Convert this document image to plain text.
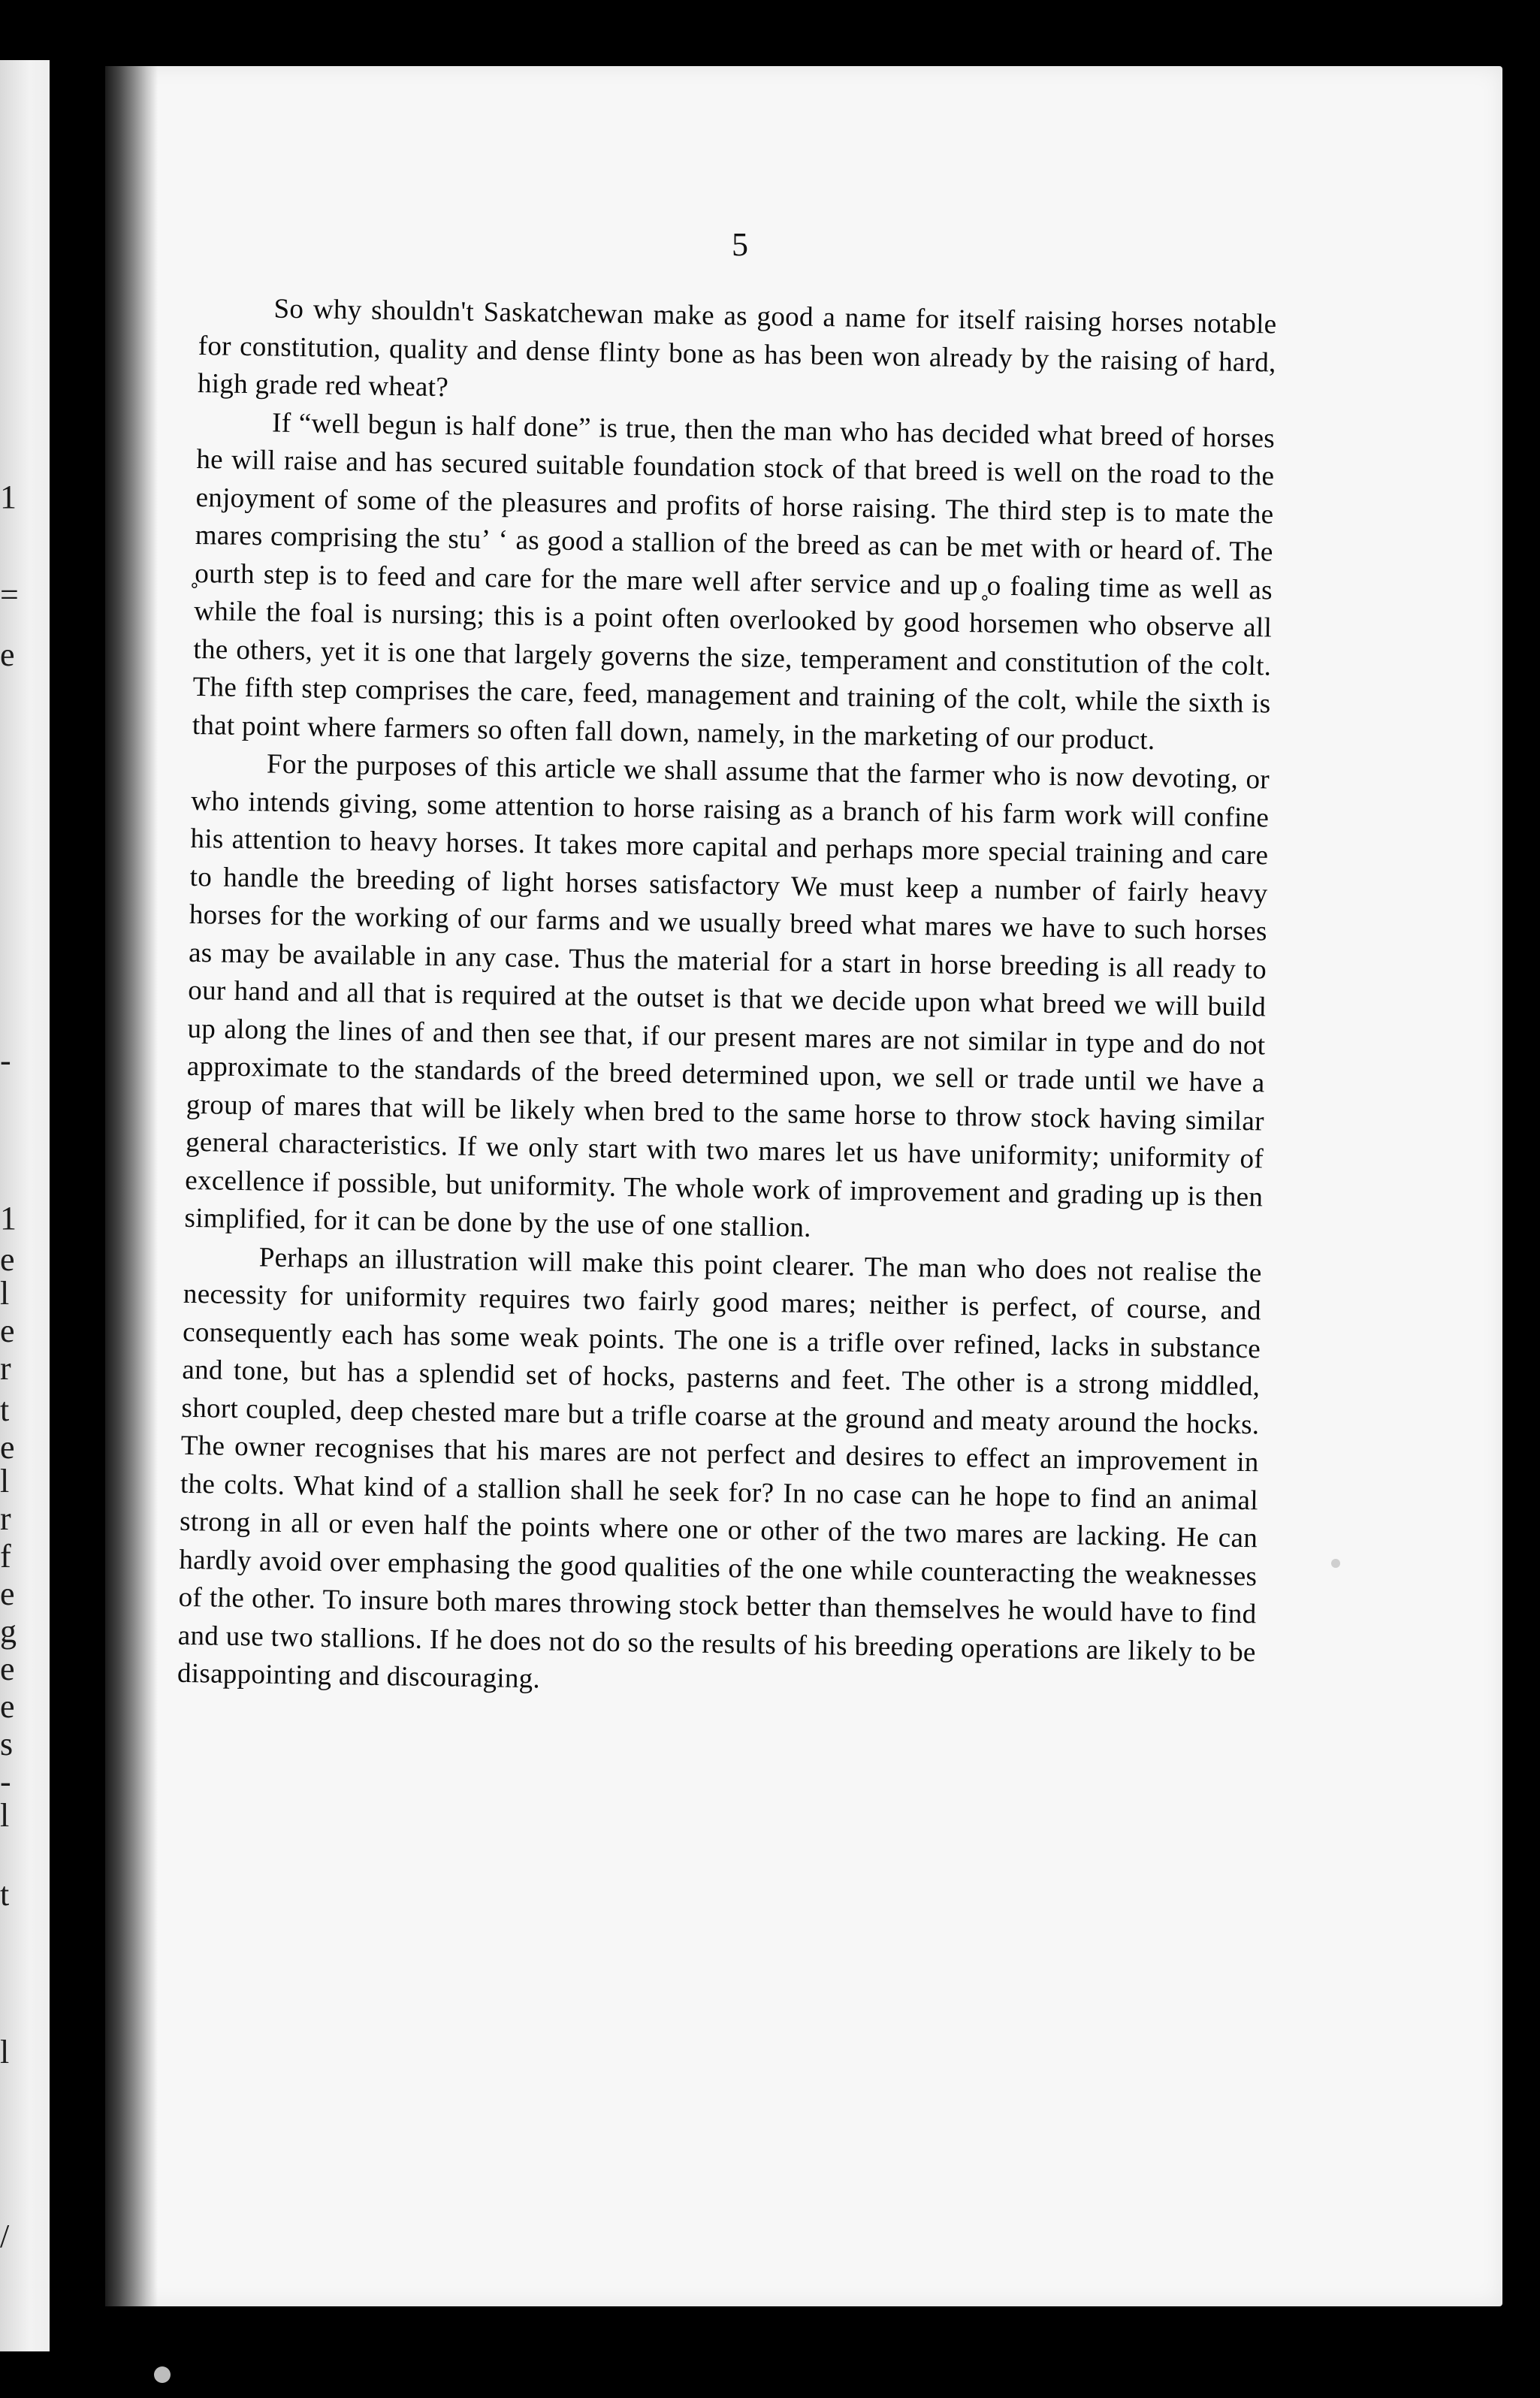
1
=
e
-
1
e
l
e
r
t
e
l
r
f
e
g
e
e
s
-
l
t
l
/
5

So why shouldn't Saskatchewan make as good a name for itself raising horses notable for constitution, quality and dense flinty bone as has been won already by the raising of hard, high grade red wheat?

If “well begun is half done” is true, then the man who has decided what breed of horses he will raise and has secured suitable foundation stock of that breed is well on the road to the enjoyment of some of the pleasures and profits of horse raising. The third step is to mate the mares comprising the stuʼ ʻ as good a stallion of the breed as can be met with or heard of. The ̥ourth step is to feed and care for the mare well after service and up ̥o foaling time as well as while the foal is nursing; this is a point often overlooked by good horsemen who observe all the others, yet it is one that largely governs the size, temperament and constitution of the colt. The fifth step comprises the care, feed, management and training of the colt, while the sixth is that point where farmers so often fall down, namely, in the marketing of our product.

For the purposes of this article we shall assume that the farmer who is now devoting, or who intends giving, some attention to horse raising as a branch of his farm work will confine his attention to heavy horses. It takes more capital and perhaps more special training and care to handle the breeding of light horses satisfactory We must keep a number of fairly heavy horses for the working of our farms and we usually breed what mares we have to such horses as may be available in any case. Thus the material for a start in horse breeding is all ready to our hand and all that is required at the outset is that we decide upon what breed we will build up along the lines of and then see that, if our present mares are not similar in type and do not approximate to the standards of the breed determined upon, we sell or trade until we have a group of mares that will be likely when bred to the same horse to throw stock having similar general characteristics. If we only start with two mares let us have uniformity; uniformity of excellence if possible, but uniformity. The whole work of improvement and grading up is then simplified, for it can be done by the use of one stallion.

Perhaps an illustration will make this point clearer. The man who does not realise the necessity for uniformity requires two fairly good mares; neither is perfect, of course, and consequently each has some weak points. The one is a trifle over refined, lacks in substance and tone, but has a splendid set of hocks, pasterns and feet. The other is a strong middled, short coupled, deep chested mare but a trifle coarse at the ground and meaty around the hocks. The owner recognises that his mares are not perfect and desires to effect an improvement in the colts. What kind of a stallion shall he seek for? In no case can he hope to find an animal strong in all or even half the points where one or other of the two mares are lacking. He can hardly avoid over emphasing the good qualities of the one while counteracting the weaknesses of the other. To insure both mares throwing stock better than themselves he would have to find and use two stallions. If he does not do so the results of his breeding operations are likely to be disappointing and discouraging.
